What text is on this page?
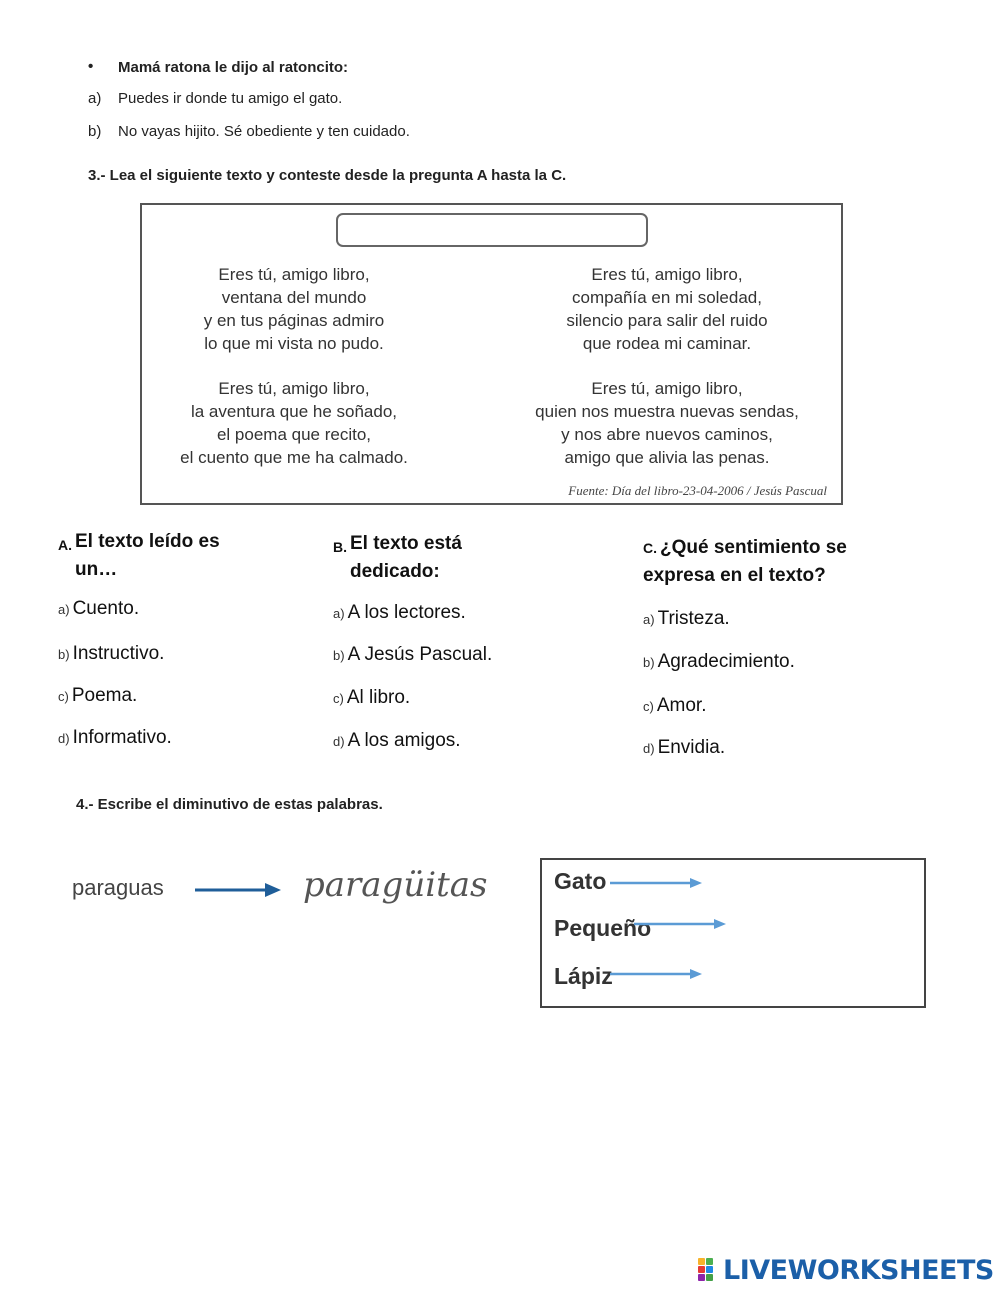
• Mamá ratona le dijo al ratoncito:
a) Puedes ir donde tu amigo el gato.
b) No vayas hijito. Sé obediente y ten cuidado.
3.- Lea el siguiente texto y conteste desde la pregunta A hasta la C.
Eres tú, amigo libro,
ventana del mundo
y en tus páginas admiro
lo que mi vista no pudo.
Eres tú, amigo libro,
compañía en mi soledad,
silencio para salir del ruido
que rodea mi caminar.
Eres tú, amigo libro,
la aventura que he soñado,
el poema que recito,
el cuento que me ha calmado.
Eres tú, amigo libro,
quien nos muestra nuevas sendas,
y nos abre nuevos caminos,
amigo que alivia las penas.
Fuente: Día del libro-23-04-2006 / Jesús Pascual
A. El texto leído es
un…
a) Cuento.
b) Instructivo.
c) Poema.
d) Informativo.
B. El texto está
dedicado:
a) A los lectores.
b) A Jesús Pascual.
c) Al libro.
d) A los amigos.
C. ¿Qué sentimiento se
expresa en el texto?
a) Tristeza.
b) Agradecimiento.
c) Amor.
d) Envidia.
4.- Escribe el diminutivo de estas palabras.
paraguas	paragüitas	Gato
Pequeño
Lápiz
LIVEWORKSHEETS
